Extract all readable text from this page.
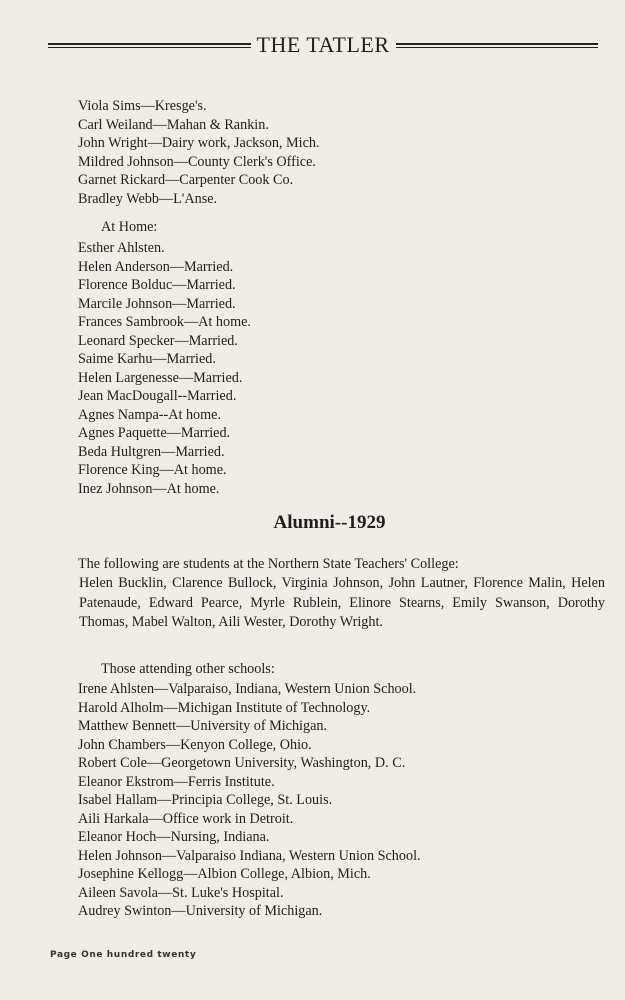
THE TATLER
Viola Sims—Kresge's.
Carl Weiland—Mahan & Rankin.
John Wright—Dairy work, Jackson, Mich.
Mildred Johnson—County Clerk's Office.
Garnet Rickard—Carpenter Cook Co.
Bradley Webb—L'Anse.
At Home:
Esther Ahlsten.
Helen Anderson—Married.
Florence Bolduc—Married.
Marcile Johnson—Married.
Frances Sambrook—At home.
Leonard Specker—Married.
Saime Karhu—Married.
Helen Largenesse—Married.
Jean MacDougall--Married.
Agnes Nampa--At home.
Agnes Paquette—Married.
Beda Hultgren—Married.
Florence King—At home.
Inez Johnson—At home.
Alumni--1929
The following are students at the Northern State Teachers' College:

Helen Bucklin, Clarence Bullock, Virginia Johnson, John Lautner, Florence Malin, Helen Patenaude, Edward Pearce, Myrle Rublein, Elinore Stearns, Emily Swanson, Dorothy Thomas, Mabel Walton, Aili Wester, Dorothy Wright.

Those attending other schools:
Irene Ahlsten—Valparaiso, Indiana, Western Union School.
Harold Alholm—Michigan Institute of Technology.
Matthew Bennett—University of Michigan.
John Chambers—Kenyon College, Ohio.
Robert Cole—Georgetown University, Washington, D. C.
Eleanor Ekstrom—Ferris Institute.
Isabel Hallam—Principia College, St. Louis.
Aili Harkala—Office work in Detroit.
Eleanor Hoch—Nursing, Indiana.
Helen Johnson—Valparaiso Indiana, Western Union School.
Josephine Kellogg—Albion College, Albion, Mich.
Aileen Savola—St. Luke's Hospital.
Audrey Swinton—University of Michigan.
Page One hundred twenty
